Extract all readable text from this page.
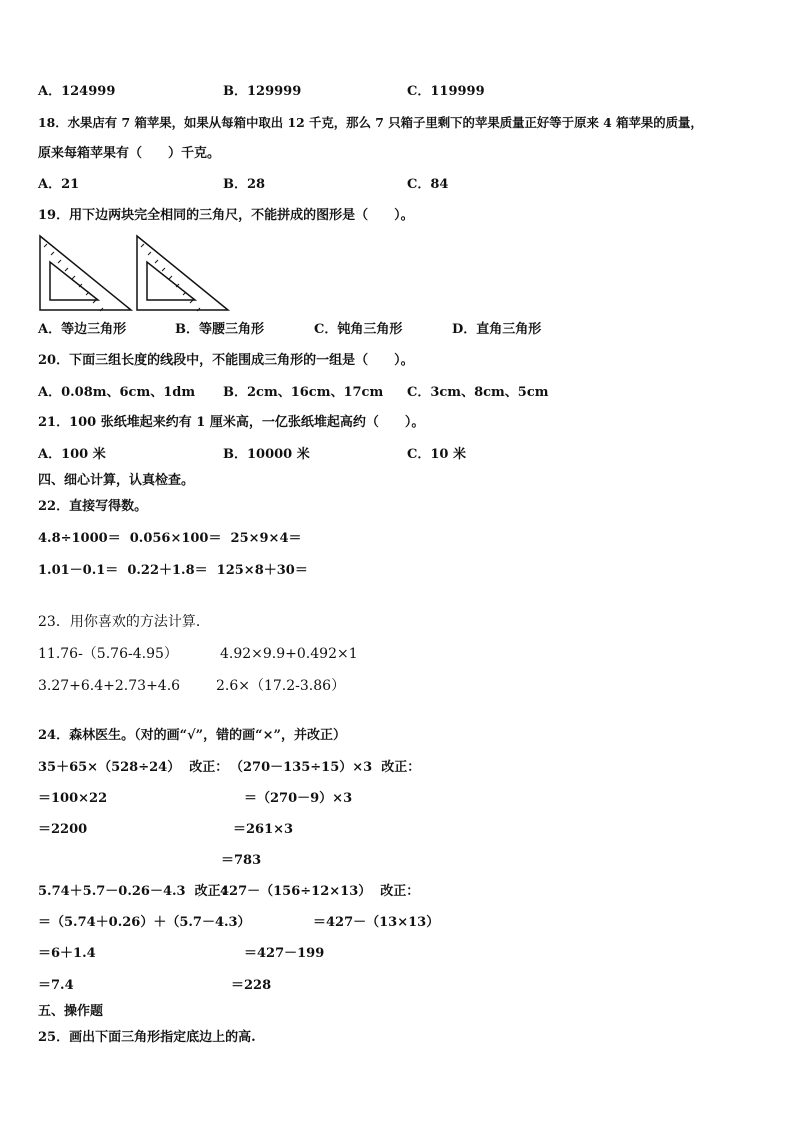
A．124999	B．129999	C．119999
18．水果店有 7 箱苹果，如果从每箱中取出 12 千克，那么 7 只箱子里剩下的苹果质量正好等于原来 4 箱苹果的质量，
原来每箱苹果有（　　）千克。
A．21	B．28	C．84
19．用下边两块完全相同的三角尺，不能拼成的图形是（　　）。
A．等边三角形	B．等腰三角形	C．钝角三角形	D．直角三角形
20．下面三组长度的线段中，不能围成三角形的一组是（　　）。
A．0.08m、6cm、1dm B．2cm、16cm、17cm C．3cm、8cm、5cm
21．100 张纸堆起来约有 1 厘米高，一亿张纸堆起高约（　　）。
A．100 米	B．10000 米	C．10 米
四、细心计算，认真检查。
22．直接写得数。
4.8÷1000＝  0.056×100＝  25×9×4＝
1.01－0.1＝  0.22＋1.8＝  125×8＋30＝
23．用你喜欢的方法计算．
11.76-（5.76-4.95）	4.92×9.9+0.492×1
3.27+6.4+2.73+4.6	2.6×（17.2-3.86）
24．森林医生。（对的画“√”，错的画“×”，并改正）
35＋65×（528÷24）  改正： （270－135÷15）×3  改正：
＝100×22	＝（270－9）×3
＝2200	＝261×3
＝783
5.74＋5.7－0.26－4.3  改正：
427－（156÷12×13）  改正：
＝（5.74＋0.26）＋（5.7－4.3）	＝427－（13×13）
＝6＋1.4	＝427－199
＝7.4	＝228
五、操作题
25．画出下面三角形指定底边上的高.
